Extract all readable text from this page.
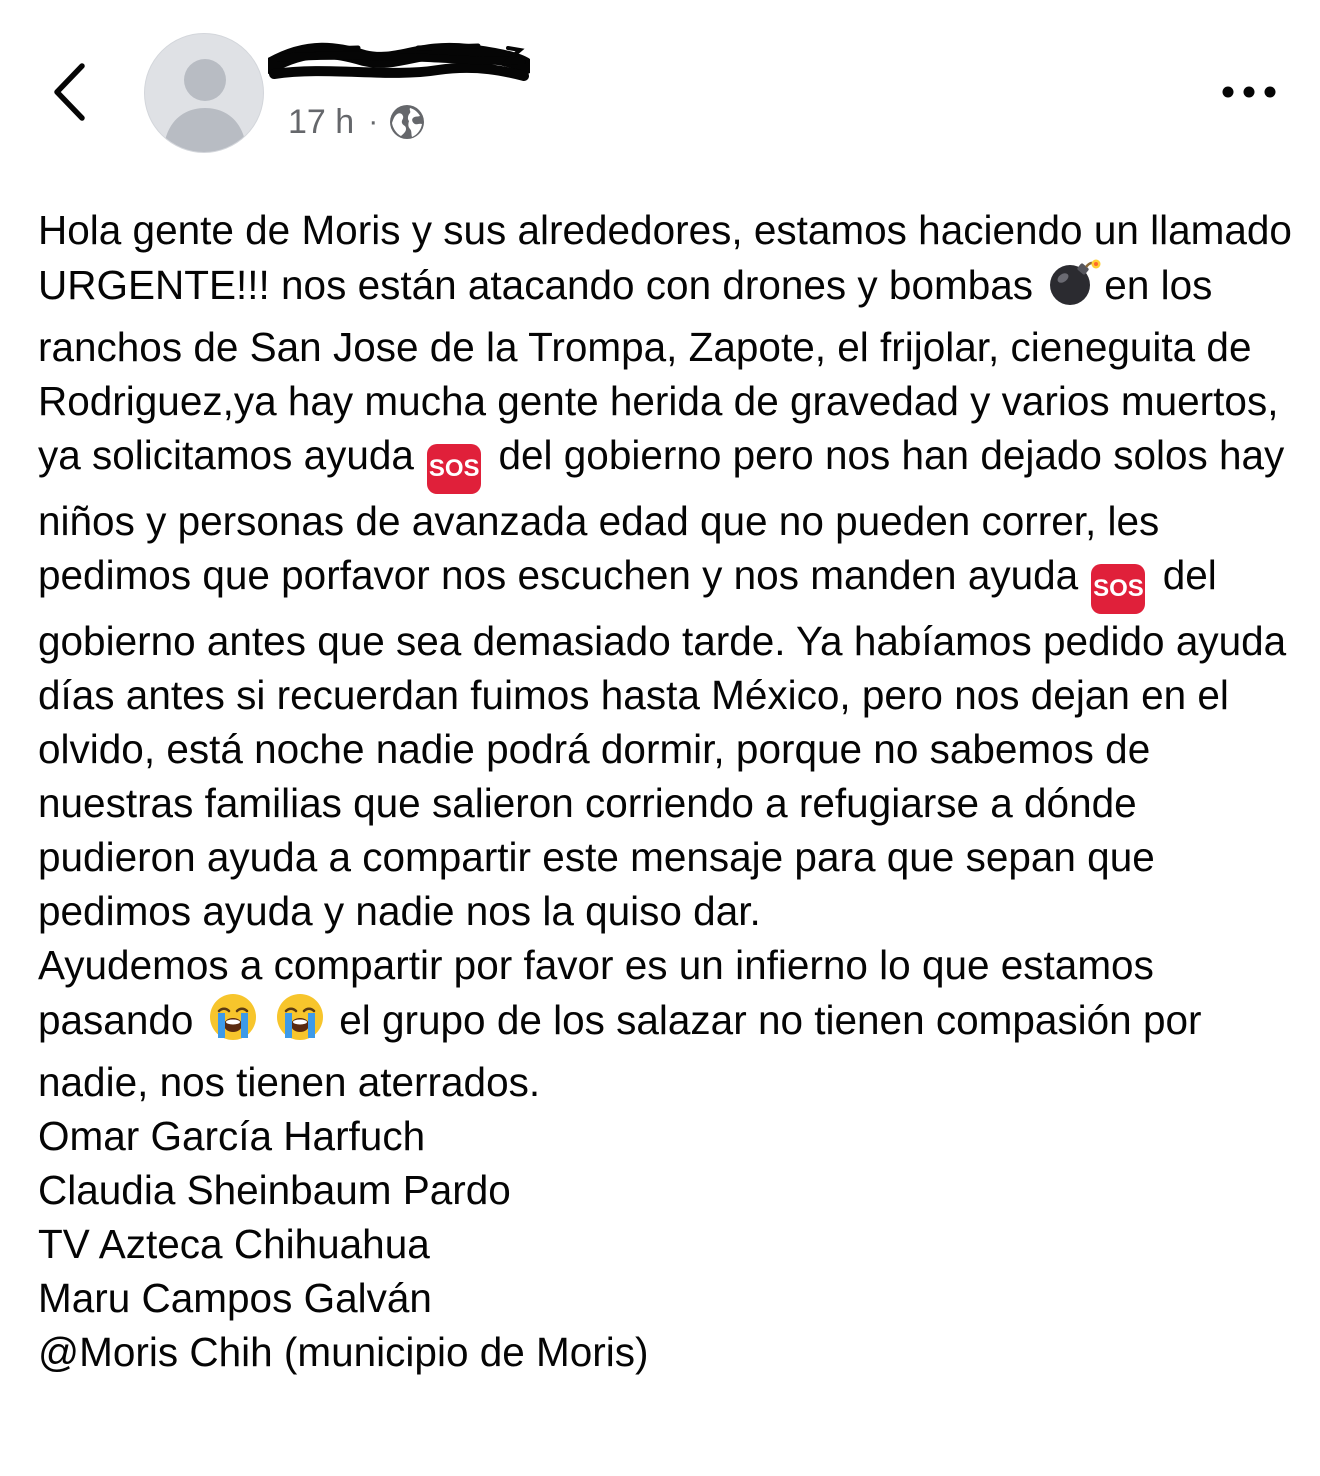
17 h ·

Hola gente de Moris y sus alrededores, estamos haciendo un llamado URGENTE!!! nos están atacando con drones y bombas en los ranchos de San Jose de la Trompa, Zapote, el frijolar, cieneguita de Rodriguez,ya hay mucha gente herida de gravedad y varios muertos, ya solicitamos ayuda SOS del gobierno pero nos han dejado solos hay niños y personas de avanzada edad que no pueden correr, les pedimos que porfavor nos escuchen y nos manden ayuda SOS del gobierno antes que sea demasiado tarde. Ya habíamos pedido ayuda días antes si recuerdan fuimos hasta México, pero nos dejan en el olvido, está noche nadie podrá dormir, porque no sabemos de nuestras familias que salieron corriendo a refugiarse a dónde pudieron ayuda a compartir este mensaje para que sepan que pedimos ayuda y nadie nos la quiso dar.

Ayudemos a compartir por favor es un infierno lo que estamos pasando
	el grupo de los salazar no tienen compasión por nadie, nos tienen aterrados.

Omar García Harfuch
Claudia Sheinbaum Pardo
TV Azteca Chihuahua
Maru Campos Galván
@Moris Chih (municipio de Moris)
